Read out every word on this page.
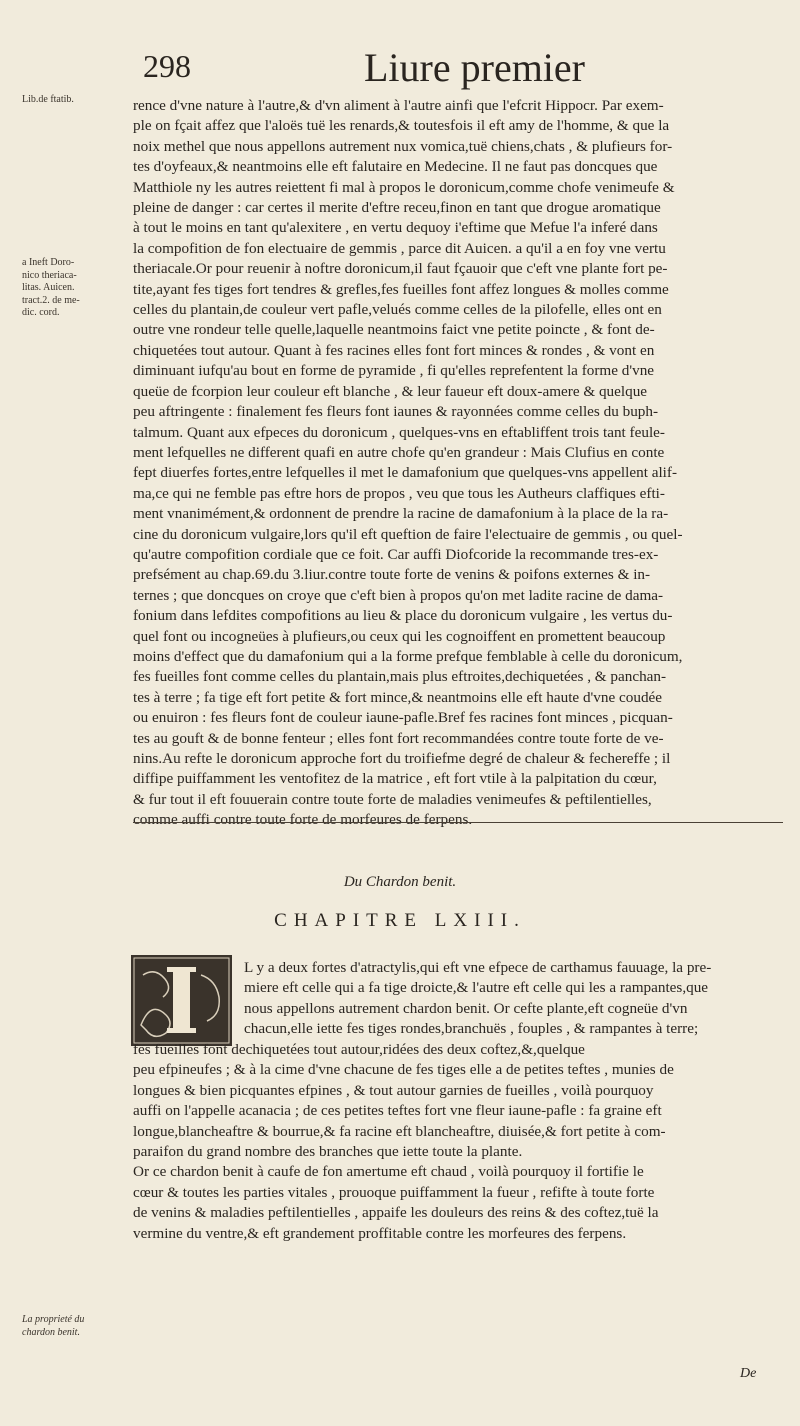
298	Liure premier
Lib.de ftatib.
a Ineft Doro-
nico theriaca-
litas. Auicen.
tract.2. de me-
dic. cord.
La proprieté du
chardon benit.
rence d'vne nature à l'autre,& d'vn aliment à l'autre ainfi que l'efcrit Hippocr. Par exem-
ple on fçait affez que l'aloës tuë les renards,& toutesfois il eft amy de l'homme, & que la
noix methel que nous appellons autrement nux vomica,tuë chiens,chats , & plufieurs for-
tes d'oyfeaux,& neantmoins elle eft falutaire en Medecine. Il ne faut pas doncques que
Matthiole ny les autres reiettent fi mal à propos le doronicum,comme chofe venimeufe &
pleine de danger : car certes il merite d'eftre receu,finon en tant que drogue aromatique
à tout le moins en tant qu'alexitere , en vertu dequoy i'eftime que Mefue l'a inferé dans
la compofition de fon electuaire de gemmis , parce dit Auicen. a qu'il a en foy vne vertu
theriacale.Or pour reuenir à noftre doronicum,il faut fçauoir que c'eft vne plante fort pe-
tite,ayant fes tiges fort tendres & grefles,fes fueilles font affez longues & molles comme
celles du plantain,de couleur vert pafle,velués comme celles de la pilofelle, elles ont en
outre vne rondeur telle quelle,laquelle neantmoins faict vne petite poincte , & font de-
chiquetées tout autour. Quant à fes racines elles font fort minces & rondes , & vont en
diminuant iufqu'au bout en forme de pyramide , fi qu'elles reprefentent la forme d'vne
queüe de fcorpion leur couleur eft blanche , & leur faueur eft doux-amere & quelque
peu aftringente : finalement fes fleurs font iaunes & rayonnées comme celles du buph-
talmum. Quant aux efpeces du doronicum , quelques-vns en eftabliffent trois tant feule-
ment lefquelles ne different quafi en autre chofe qu'en grandeur : Mais Clufius en conte
fept diuerfes fortes,entre lefquelles il met le damafonium que quelques-vns appellent alif-
ma,ce qui ne femble pas eftre hors de propos , veu que tous les Autheurs claffiques efti-
ment vnanimément,& ordonnent de prendre la racine de damafonium à la place de la ra-
cine du doronicum vulgaire,lors qu'il eft queftion de faire l'electuaire de gemmis , ou quel-
qu'autre compofition cordiale que ce foit. Car auffi Diofcoride la recommande tres-ex-
prefsément au chap.69.du 3.liur.contre toute forte de venins & poifons externes & in-
ternes ; que doncques on croye que c'eft bien à propos qu'on met ladite racine de dama-
fonium dans lefdites compofitions au lieu & place du doronicum vulgaire , les vertus du-
quel font ou incogneües à plufieurs,ou ceux qui les cognoiffent en promettent beaucoup
moins d'effect que du damafonium qui a la forme prefque femblable à celle du doronicum,
fes fueilles font comme celles du plantain,mais plus eftroites,dechiquetées , & panchan-
tes à terre ; fa tige eft fort petite & fort mince,& neantmoins elle eft haute d'vne coudée
ou enuiron : fes fleurs font de couleur iaune-pafle.Bref fes racines font minces , picquan-
tes au gouft & de bonne fenteur ; elles font fort recommandées contre toute forte de ve-
nins.Au refte le doronicum approche fort du troifiefme degré de chaleur & fechereffe ; il
diffipe puiffamment les ventofitez de la matrice , eft fort vtile à la palpitation du cœur,
& fur tout il eft fouuerain contre toute forte de maladies venimeufes & peftilentielles,
comme auffi contre toute forte de morfeures de ferpens.
Du Chardon benit.
CHAPITRE LXIII.
L y a deux fortes d'atractylis,qui eft vne efpece de carthamus fauuage, la pre-
miere eft celle qui a fa tige droicte,& l'autre eft celle qui les a rampantes,que
nous appellons autrement chardon benit. Or cefte plante,eft cogneüe d'vn
chacun,elle iette fes tiges rondes,branchuës , fouples , & rampantes à terre;
fes fueilles font dechiquetées tout autour,ridées des deux coftez,&,quelque
peu efpineufes ; & à la cime d'vne chacune de fes tiges elle a de petites teftes , munies de
longues & bien picquantes efpines , & tout autour garnies de fueilles , voilà pourquoy
auffi on l'appelle acanacia ; de ces petites teftes fort vne fleur iaune-pafle : fa graine eft
longue,blancheaftre & bourrue,& fa racine eft blancheaftre, diuisée,& fort petite à com-
paraifon du grand nombre des branches que iette toute la plante.
Or ce chardon benit à caufe de fon amertume eft chaud , voilà pourquoy il fortifie le
cœur & toutes les parties vitales , prouoque puiffamment la fueur , refifte à toute forte
de venins & maladies peftilentielles , appaife les douleurs des reins & des coftez,tuë la
vermine du ventre,& eft grandement proffitable contre les morfeures des ferpens.
De
